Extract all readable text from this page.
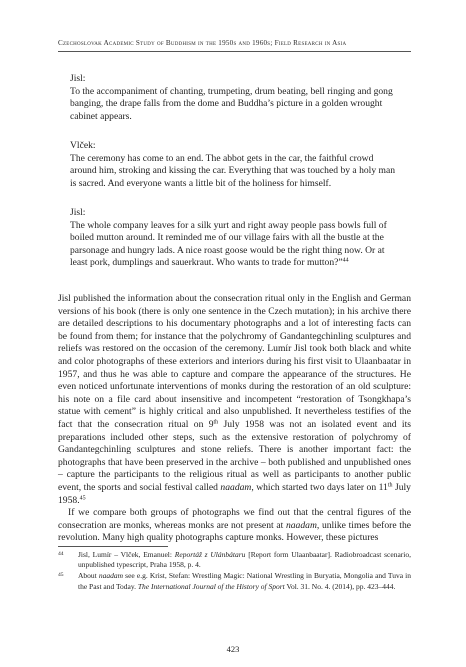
Czechoslovak Academic Study of Buddhism in the 1950s and 1960s; Field Research in Asia

Jisl:

To the accompaniment of chanting, trumpeting, drum beating, bell ringing and gong

banging, the drape falls from the dome and Buddha’s picture in a golden wrought

cabinet appears.

Vlček:

The ceremony has come to an end. The abbot gets in the car, the faithful crowd

around him, stroking and kissing the car. Everything that was touched by a holy man

is sacred. And everyone wants a little bit of the holiness for himself.

Jisl:

The whole company leaves for a silk yurt and right away people pass bowls full of

boiled mutton around. It reminded me of our village fairs with all the bustle at the

parsonage and hungry lads. A nice roast goose would be the right thing now. Or at

least pork, dumplings and sauerkraut. Who wants to trade for mutton?”$^{44}$

Jisl published the information about the consecration ritual only in the English and German versions of his book (there is only one sentence in the Czech mutation); in his archive there are detailed descriptions to his documentary photographs and a lot of interesting facts can be found from them; for instance that the polychromy of Gandantegchinling sculptures and reliefs was restored on the occasion of the ceremony. Lumír Jisl took both black and white and color photographs of these exteriors and interiors during his first visit to Ulaanbaatar in 1957, and thus he was able to capture and compare the appearance of the structures. He even noticed unfortunate interventions of monks during the restoration of an old sculpture: his note on a file card about insensitive and incompetent “restoration of Tsongkhapa’s statue with cement” is highly critical and also unpublished. It nevertheless testifies of the fact that the consecration ritual on 9th July 1958 was not an isolated event and its preparations included other steps, such as the extensive restoration of polychromy of Gandantegchinling sculptures and stone reliefs. There is another important fact: the photographs that have been preserved in the archive – both published and unpublished ones – capture the participants to the religious ritual as well as participants to another public event, the sports and social festival called naadam, which started two days later on 11th July 1958.45

If we compare both groups of photographs we find out that the central figures of the consecration are monks, whereas monks are not present at naadam, unlike times before the revolution. Many high quality photographs capture monks. However, these pictures

44 Jisl, Lumír – Vlček, Emanuel: Reportáž z Ulánbátaru [Report form Ulaanbaatar]. Radiobroadcast scenario, unpublished typescript, Praha 1958, p. 4.

45 About naadam see e.g. Krist, Stefan: Wrestling Magic: National Wrestling in Buryatia, Mongolia and Tuva in the Past and Today. The International Journal of the History of Sport Vol. 31. No. 4. (2014), pp. 423–444.

423
